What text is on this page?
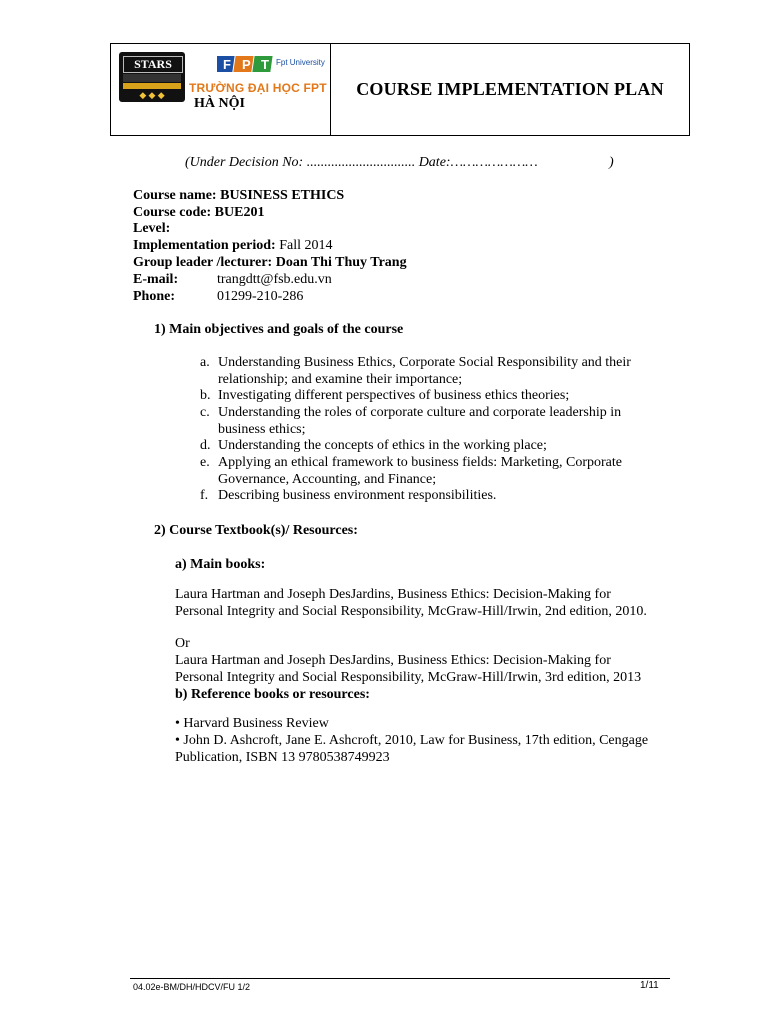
STARS
◆ ◆ ◆
F P T Fpt University
TRƯỜNG ĐẠI HỌC FPT
HÀ NỘI
COURSE IMPLEMENTATION PLAN
(Under Decision No: ............................... Date:…………………	)
Course name: BUSINESS ETHICS
Course code: BUE201
Level:
Implementation period: Fall 2014
Group leader /lecturer: Doan Thi Thuy Trang
E-mail:	trangdtt@fsb.edu.vn
Phone:	01299-210-286
1) Main objectives and goals of the course
a. Understanding Business Ethics, Corporate Social Responsibility and their
relationship; and examine their importance;
b. Investigating different perspectives of business ethics theories;
c. Understanding the roles of corporate culture and corporate leadership in
business ethics;
d. Understanding the concepts of ethics in the working place;
e. Applying an ethical framework to business fields: Marketing, Corporate
Governance, Accounting, and Finance;
f. Describing business environment responsibilities.
2) Course Textbook(s)/ Resources:
a) Main books:
Laura Hartman and Joseph DesJardins, Business Ethics: Decision-Making for
Personal Integrity and Social Responsibility, McGraw-Hill/Irwin, 2nd edition, 2010.
Or
Laura Hartman and Joseph DesJardins, Business Ethics: Decision-Making for
Personal Integrity and Social Responsibility, McGraw-Hill/Irwin, 3rd edition, 2013
b) Reference books or resources:
• Harvard Business Review
• John D. Ashcroft, Jane E. Ashcroft, 2010, Law for Business, 17th edition, Cengage
Publication, ISBN 13 9780538749923
04.02e-BM/DH/HDCV/FU 1/2	1/11
